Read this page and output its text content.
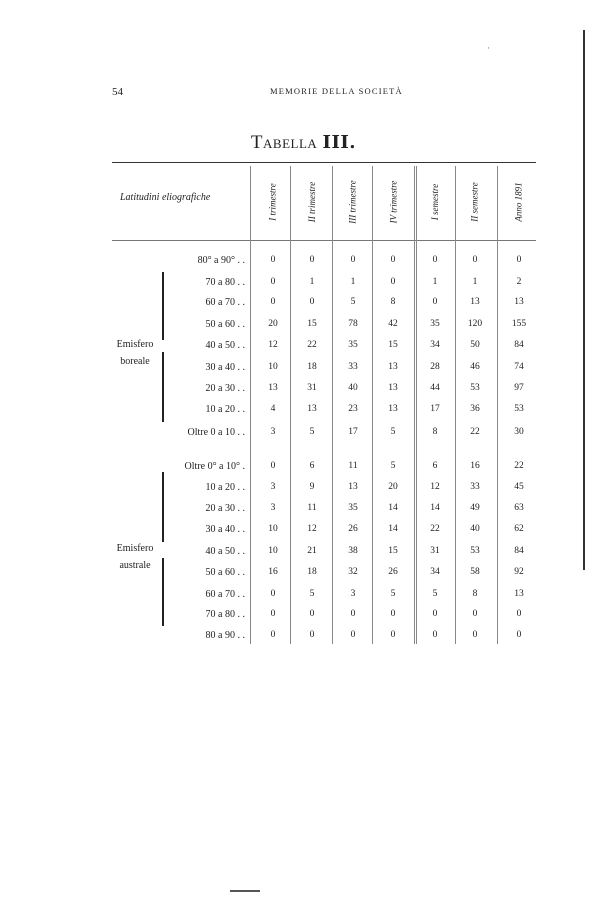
·
54	MEMORIE DELLA SOCIETÀ
Tabella III.
Latitudini eliografiche	I trimestre	II trimestre	III trimestre	IV trimestre	I semestre	II semestre	Anno 1891
Emisfero boreale
Emisfero australe
80° a 90° . .	0	0	0	0	0	0	0
70 a 80 . .	0	1	1	0	1	1	2
60 a 70 . .	0	0	5	8	0	13	13
50 a 60 . .	20	15	78	42	35	120	155
40 a 50 . .	12	22	35	15	34	50	84
30 a 40 . .	10	18	33	13	28	46	74
20 a 30 . .	13	31	40	13	44	53	97
10 a 20 . .	4	13	23	13	17	36	53
Oltre 0 a 10 . .	3	5	17	5	8	22	30
Oltre 0° a 10° .	0	6	11	5	6	16	22
10 a 20 . .	3	9	13	20	12	33	45
20 a 30 . .	3	11	35	14	14	49	63
30 a 40 . .	10	12	26	14	22	40	62
40 a 50 . .	10	21	38	15	31	53	84
50 a 60 . .	16	18	32	26	34	58	92
60 a 70 . .	0	5	3	5	5	8	13
70 a 80 . .	0	0	0	0	0	0	0
80 a 90 . .	0	0	0	0	0	0	0
